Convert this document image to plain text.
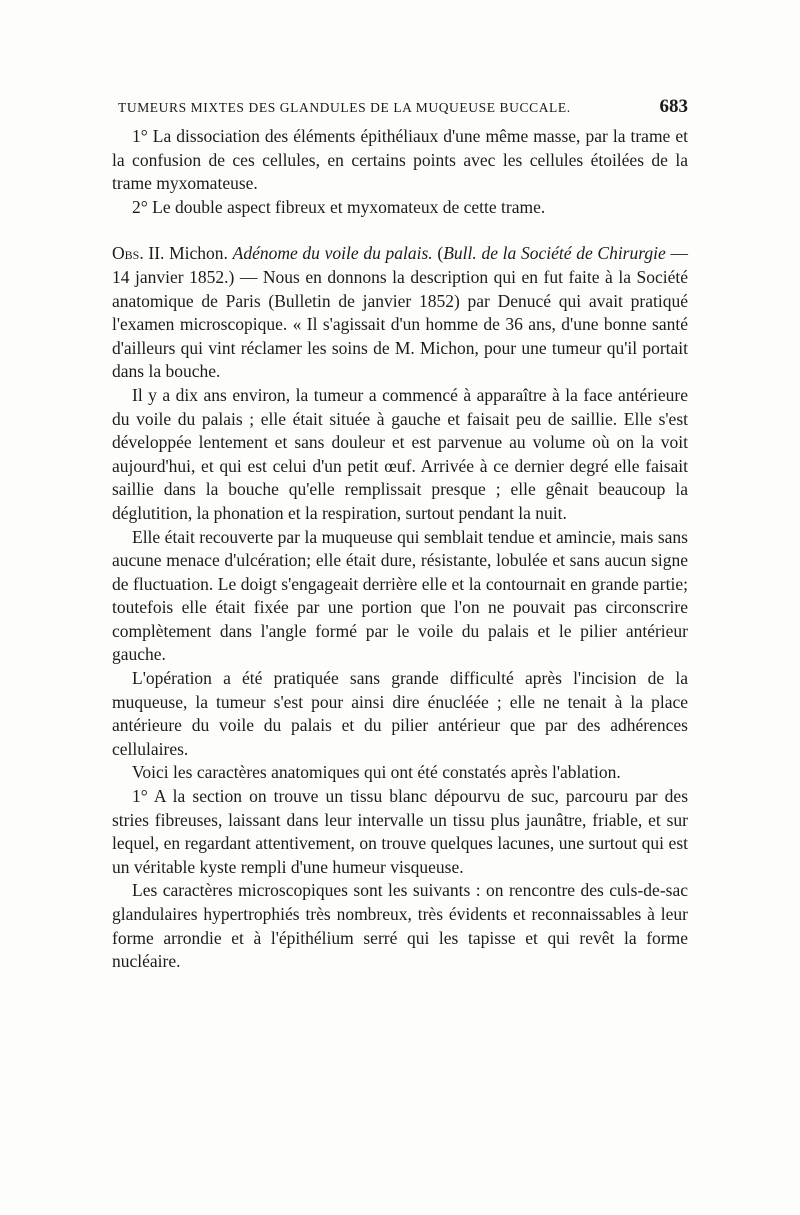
TUMEURS MIXTES DES GLANDULES DE LA MUQUEUSE BUCCALE.	683

1° La dissociation des éléments épithéliaux d'une même masse, par la trame et la confusion de ces cellules, en certains points avec les cellules étoilées de la trame myxomateuse.

2° Le double aspect fibreux et myxomateux de cette trame.

Obs. II. Michon. Adénome du voile du palais. (Bull. de la Société de Chirurgie — 14 janvier 1852.) — Nous en donnons la description qui en fut faite à la Société anatomique de Paris (Bulletin de janvier 1852) par Denucé qui avait pratiqué l'examen microscopique. « Il s'agissait d'un homme de 36 ans, d'une bonne santé d'ailleurs qui vint réclamer les soins de M. Michon, pour une tumeur qu'il portait dans la bouche.

Il y a dix ans environ, la tumeur a commencé à apparaître à la face antérieure du voile du palais ; elle était située à gauche et faisait peu de saillie. Elle s'est développée lentement et sans douleur et est parvenue au volume où on la voit aujourd'hui, et qui est celui d'un petit œuf. Arrivée à ce dernier degré elle faisait saillie dans la bouche qu'elle remplissait presque ; elle gênait beaucoup la déglutition, la phonation et la respiration, surtout pendant la nuit.

Elle était recouverte par la muqueuse qui semblait tendue et amincie, mais sans aucune menace d'ulcération; elle était dure, résistante, lobulée et sans aucun signe de fluctuation. Le doigt s'engageait derrière elle et la contournait en grande partie; toutefois elle était fixée par une portion que l'on ne pouvait pas circonscrire complètement dans l'angle formé par le voile du palais et le pilier antérieur gauche.

L'opération a été pratiquée sans grande difficulté après l'incision de la muqueuse, la tumeur s'est pour ainsi dire énucléée ; elle ne tenait à la place antérieure du voile du palais et du pilier antérieur que par des adhérences cellulaires.

Voici les caractères anatomiques qui ont été constatés après l'ablation.

1° A la section on trouve un tissu blanc dépourvu de suc, parcouru par des stries fibreuses, laissant dans leur intervalle un tissu plus jaunâtre, friable, et sur lequel, en regardant attentivement, on trouve quelques lacunes, une surtout qui est un véritable kyste rempli d'une humeur visqueuse.

Les caractères microscopiques sont les suivants : on rencontre des culs-de-sac glandulaires hypertrophiés très nombreux, très évidents et reconnaissables à leur forme arrondie et à l'épithélium serré qui les tapisse et qui revêt la forme nucléaire.
